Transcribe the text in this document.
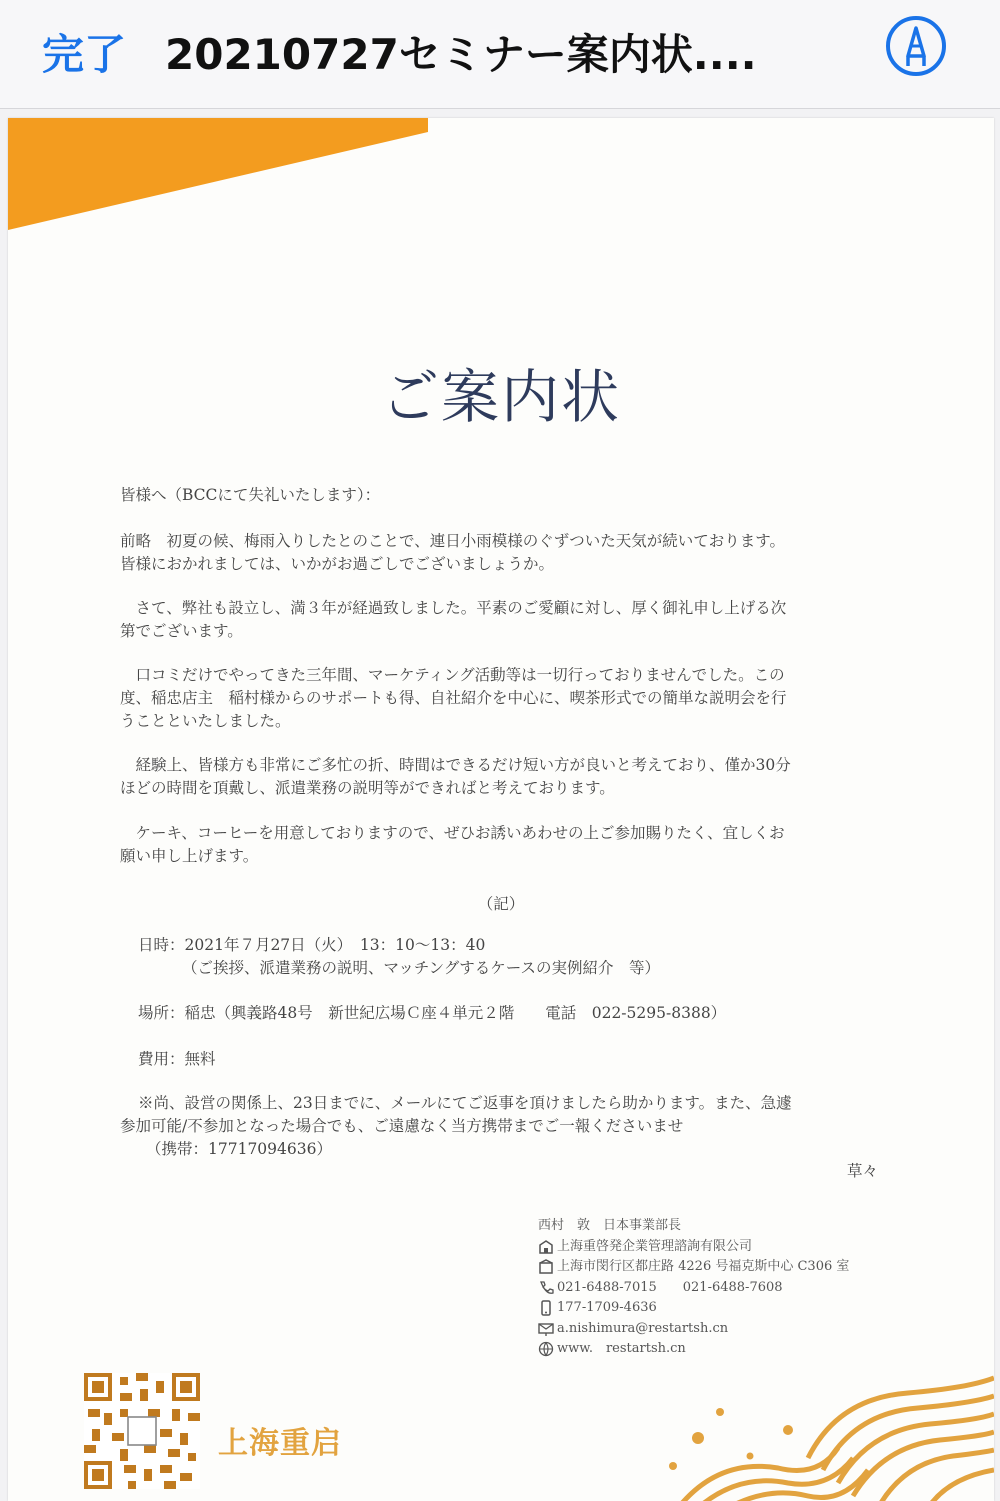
完了 20210727セミナー案内状....
ご案内状
皆様へ（BCCにて失礼いたします）：
前略　初夏の候、梅雨入りしたとのことで、連日小雨模様のぐずついた天気が続いております。
皆様におかれましては、いかがお過ごしでございましょうか。
　さて、弊社も設立し、満３年が経過致しました。平素のご愛顧に対し、厚く御礼申し上げる次
第でございます。
　口コミだけでやってきた三年間、マーケティング活動等は一切行っておりませんでした。この
度、稲忠店主　稲村様からのサポートも得、自社紹介を中心に、喫茶形式での簡単な説明会を行
うことといたしました。
　経験上、皆様方も非常にご多忙の折、時間はできるだけ短い方が良いと考えており、僅か30分
ほどの時間を頂戴し、派遣業務の説明等ができればと考えております。
　ケーキ、コーヒーを用意しておりますので、ぜひお誘いあわせの上ご参加賜りたく、宜しくお
願い申し上げます。
（記）
日時：2021年７月27日（火）　13：10～13：40
（ご挨拶、派遣業務の説明、マッチングするケースの実例紹介　等）
場所：稲忠（興義路48号　新世紀広場Ｃ座４単元２階　　電話　022-5295-8388）
費用：無料
※尚、設営の関係上、23日までに、メールにてご返事を頂けましたら助かります。また、急遽
参加可能/不参加となった場合でも、ご遠慮なく当方携帯までご一報くださいませ
（携帯：17717094636）
草々
西村　敦　日本事業部長
上海重啓発企業管理諮詢有限公司
上海市閔行区都庄路 4226 号福克斯中心 C306 室
021-6488-7015　　021-6488-7608
177-1709-4636
a.nishimura@restartsh.cn
www.　restartsh.cn
上海重启
